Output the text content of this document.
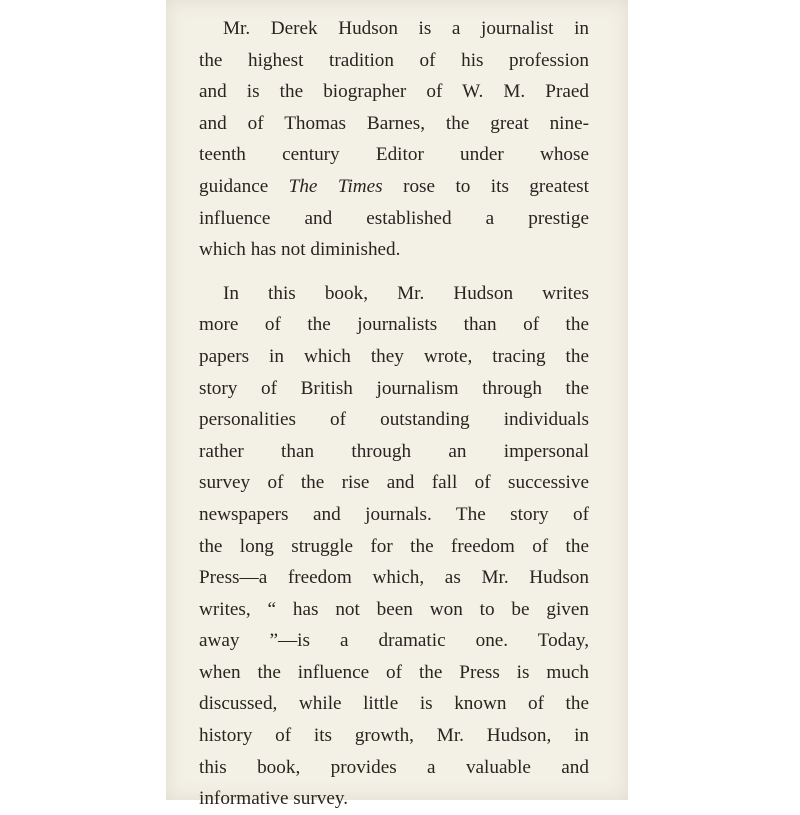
Mr. Derek Hudson is a journalist in
the highest tradition of his profession
and is the biographer of W. M. Praed
and of Thomas Barnes, the great nine-
teenth century Editor under whose
guidance The Times rose to its greatest
influence and established a prestige
which has not diminished.
In this book, Mr. Hudson writes
more of the journalists than of the
papers in which they wrote, tracing the
story of British journalism through the
personalities of outstanding individuals
rather than through an impersonal
survey of the rise and fall of successive
newspapers and journals. The story of
the long struggle for the freedom of the
Press—a freedom which, as Mr. Hudson
writes, “ has not been won to be given
away ”—is a dramatic one. Today,
when the influence of the Press is much
discussed, while little is known of the
history of its growth, Mr. Hudson, in
this book, provides a valuable and
informative survey.
